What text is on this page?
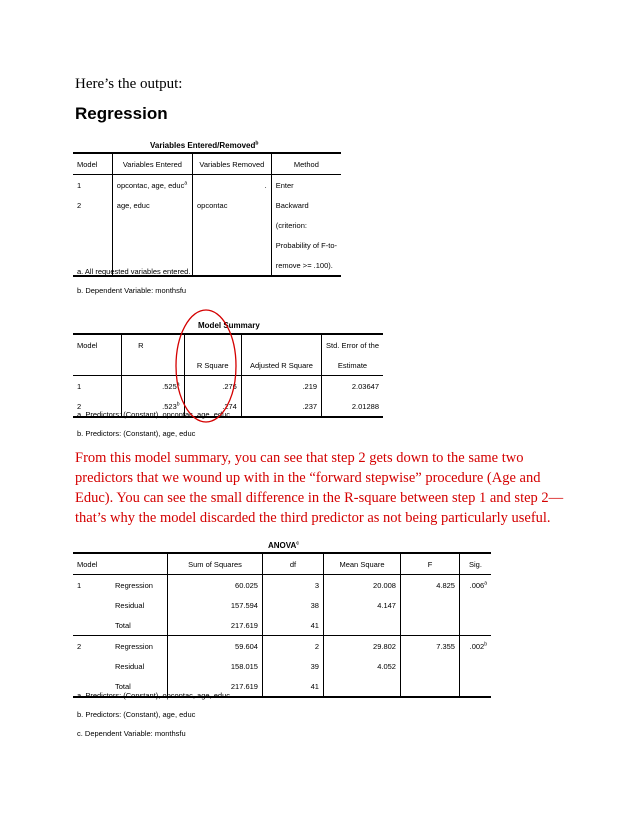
Here’s the output:
Regression
Variables Entered/Removed$^b$
Model	Variables Entered	Variables Removed	Method
1	opcontac, age, educ$^a$	.	Enter
2	age, educ	opcontac	Backward
			(criterion:
			Probability of F-to-
			remove >= .100).
a. All requested variables entered.
b. Dependent Variable: monthsfu
Model Summary
Model	R			Std. Error of the
		R Square	Adjusted R Square	Estimate
1	.525$^a$	.276	.219	2.03647
2	.523$^b$	.274	.237	2.01288
a. Predictors: (Constant), opcontac, age, educ
b. Predictors: (Constant), age, educ
From this model summary, you can see that step 2 gets down to the same two predictors that we wound up with in the “forward stepwise” procedure (Age and Educ). You can see the small difference in the R-square between step 1 and step 2—that’s why the model discarded the third predictor as not being particularly useful.
ANOVA$^c$
Model		Sum of Squares	df	Mean Square	F	Sig.
1	Regression	60.025	3	20.008	4.825	.006$^a$
	Residual	157.594	38	4.147		
	Total	217.619	41			
2	Regression	59.604	2	29.802	7.355	.002$^b$
	Residual	158.015	39	4.052		
	Total	217.619	41			
a. Predictors: (Constant), opcontac, age, educ
b. Predictors: (Constant), age, educ
c. Dependent Variable: monthsfu
